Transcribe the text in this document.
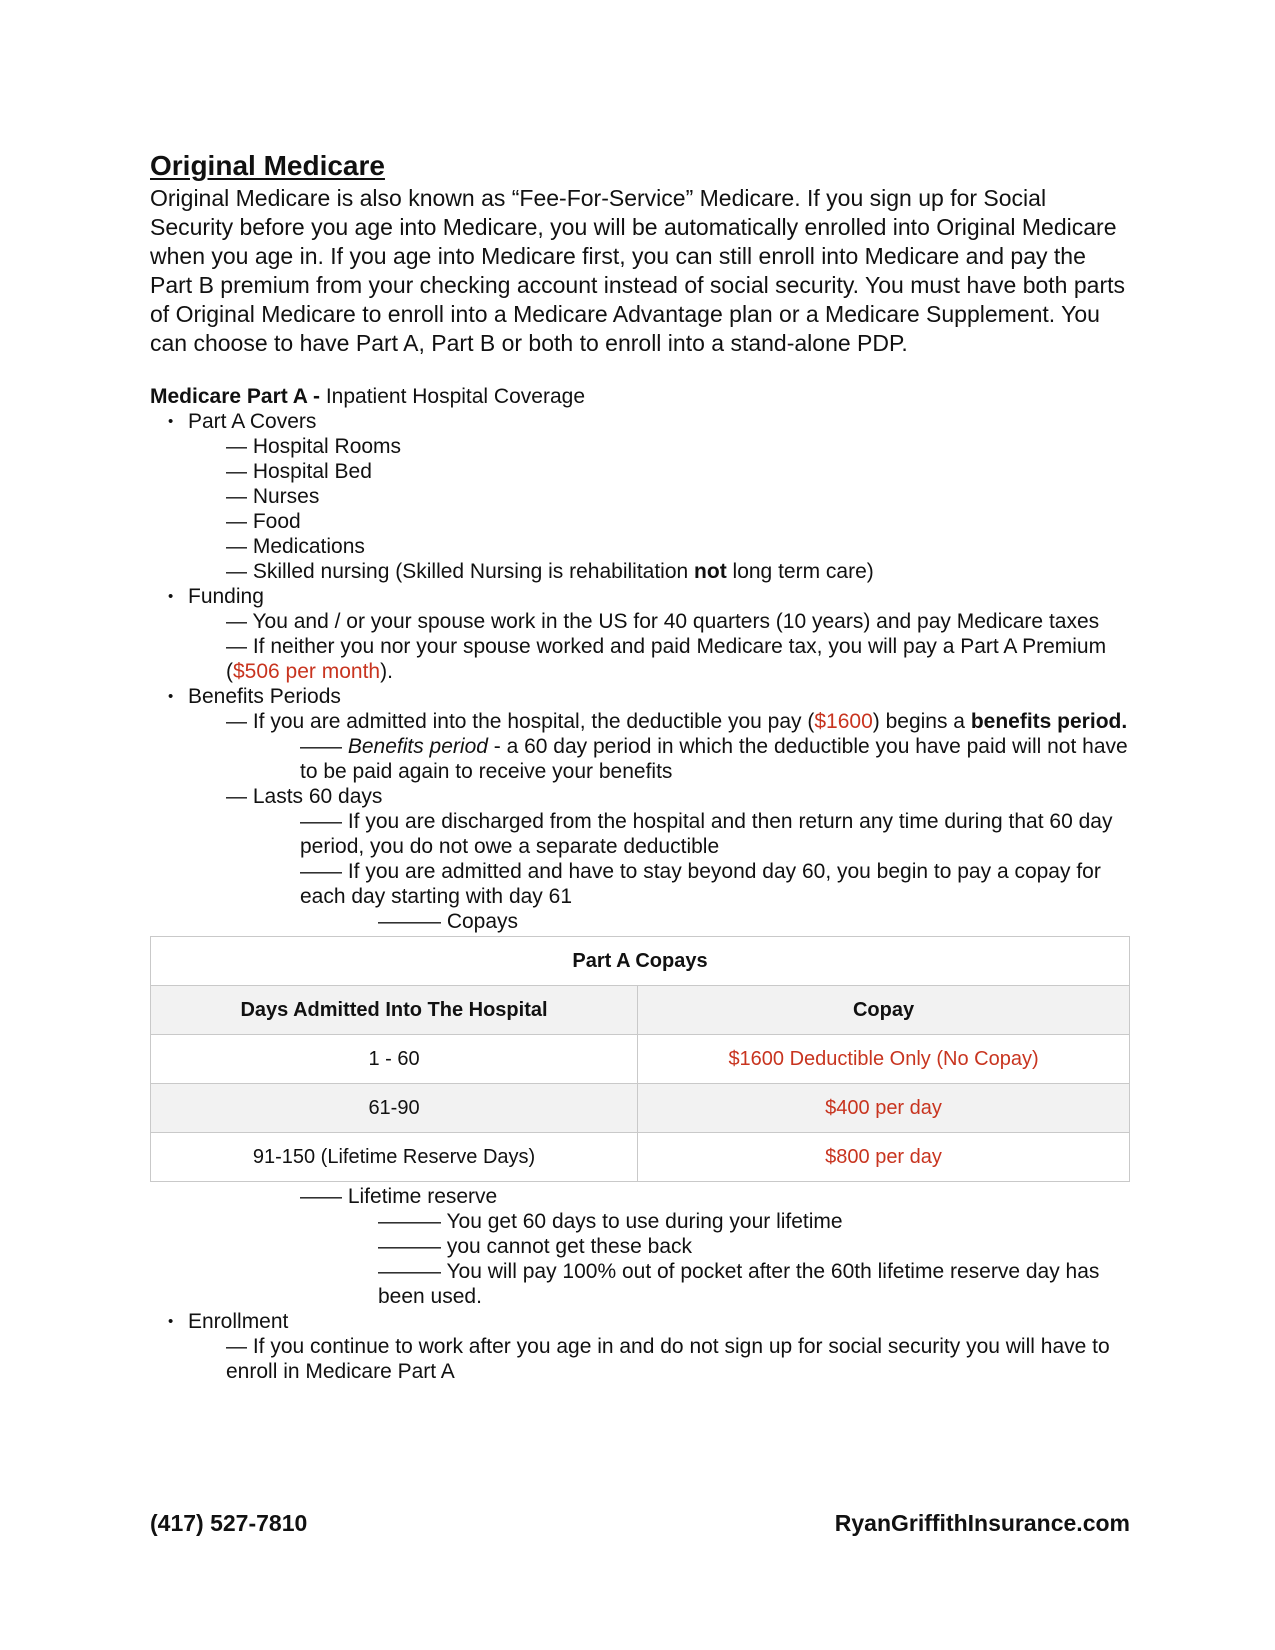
Original Medicare

Original Medicare is also known as “Fee-For-Service” Medicare. If you sign up for Social Security before you age into Medicare, you will be automatically enrolled into Original Medicare when you age in. If you age into Medicare first, you can still enroll into Medicare and pay the Part B premium from your checking account instead of social security. You must have both parts of Original Medicare to enroll into a Medicare Advantage plan or a Medicare Supplement. You can choose to have Part A, Part B or both to enroll into a stand-alone PDP.

Medicare Part A - Inpatient Hospital Coverage
• Part A Covers
— Hospital Rooms
— Hospital Bed
— Nurses
— Food
— Medications
— Skilled nursing (Skilled Nursing is rehabilitation not long term care)
• Funding
— You and / or your spouse work in the US for 40 quarters (10 years) and pay Medicare taxes
— If neither you nor your spouse worked and paid Medicare tax, you will pay a Part A Premium ($506 per month).
• Benefits Periods
— If you are admitted into the hospital, the deductible you pay ($1600) begins a benefits period.
—— Benefits period - a 60 day period in which the deductible you have paid will not have to be paid again to receive your benefits
— Lasts 60 days
—— If you are discharged from the hospital and then return any time during that 60 day period, you do not owe a separate deductible
—— If you are admitted and have to stay beyond day 60, you begin to pay a copay for each day starting with day 61
——— Copays
Part A Copays	
Days Admitted Into The Hospital	Copay
1 - 60	$1600 Deductible Only (No Copay)
61-90	$400 per day
91-150 (Lifetime Reserve Days)	$800 per day
—— Lifetime reserve
——— You get 60 days to use during your lifetime
——— you cannot get these back
——— You will pay 100% out of pocket after the 60th lifetime reserve day has been used.
• Enrollment
— If you continue to work after you age in and do not sign up for social security you will have to enroll in Medicare Part A
(417) 527-7810	RyanGriffithInsurance.com
